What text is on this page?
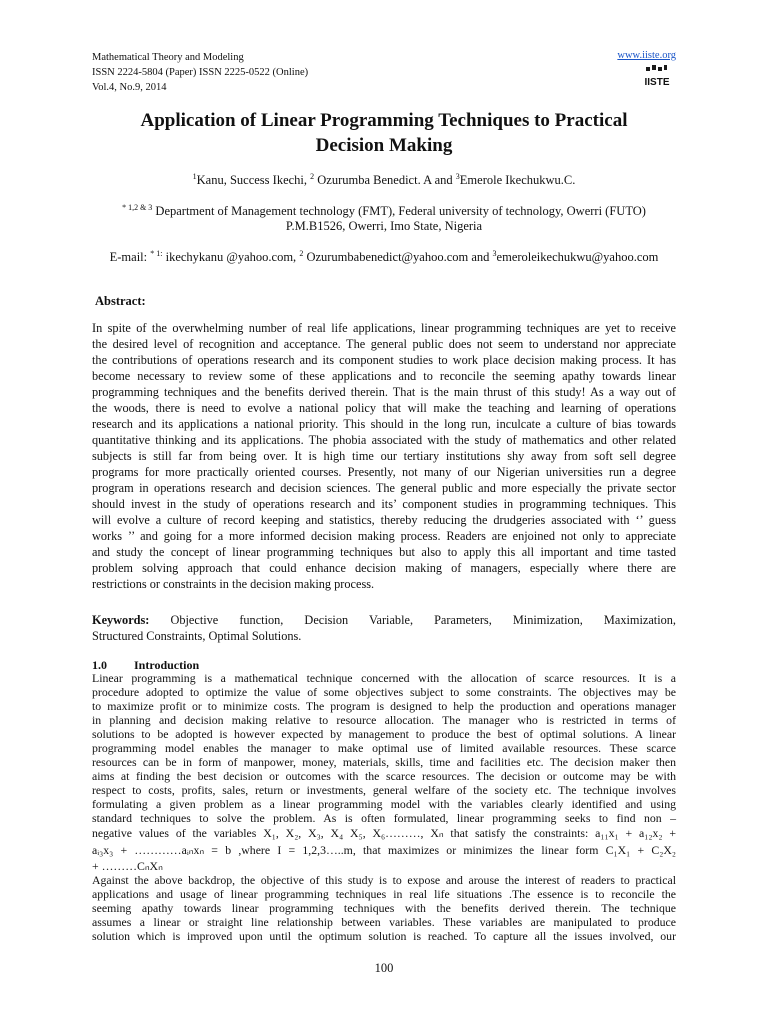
Mathematical Theory and Modeling
ISSN 2224-5804 (Paper) ISSN 2225-0522 (Online)
Vol.4, No.9, 2014
www.iiste.org
IISTE
Application of Linear Programming Techniques to Practical
Decision Making
$^1$Kanu, Success Ikechi, $^2$ Ozurumba Benedict. A and $^3$Emerole Ikechukwu.C.
$^{* 1,2 \& 3}$ Department of Management technology (FMT), Federal university of technology, Owerri (FUTO)
P.M.B1526, Owerri, Imo State, Nigeria
E-mail: $^{* 1:}$ ikechykanu @yahoo.com, $^2$ Ozurumbabenedict@yahoo.com and $^3$emeroleikechukwu@yahoo.com
Abstract:

In spite of the overwhelming number of real life applications, linear programming techniques are yet to receive

the desired level of recognition and acceptance. The general public does not seem to understand nor appreciate

the contributions of operations research and its component studies to work place decision making process. It has

become necessary to review some of these applications and to reconcile the seeming apathy towards linear

programming techniques and the benefits derived therein. That is the main thrust of this study! As a way out of

the woods, there is need to evolve a national policy that will make the teaching and learning of operations

research and its applications a national priority. This should in the long run, inculcate a culture of bias towards

quantitative thinking and its applications. The phobia associated with the study of mathematics and other related

subjects is still far from being over. It is high time our tertiary institutions shy away from soft sell degree

programs for more practically oriented courses. Presently, not many of our Nigerian universities run a degree

program in operations research and decision sciences. The general public and more especially the private sector

should invest in the study of operations research and its’ component studies in programming techniques. This

will evolve a culture of record keeping and statistics, thereby reducing the drudgeries associated with ‘’ guess

works ’’ and going for a more informed decision making process. Readers are enjoined not only to appreciate

and study the concept of linear programming techniques but also to apply this all important and time tasted

problem solving approach that could enhance decision making of managers, especially where there are

restrictions or constraints in the decision making process.

Keywords: Objective function, Decision Variable, Parameters, Minimization, Maximization,

Structured Constraints, Optimal Solutions.

1.0 Introduction

Linear programming is a mathematical technique concerned with the allocation of scarce resources. It is a

procedure adopted to optimize the value of some objectives subject to some constraints. The objectives may be

to maximize profit or to minimize costs. The program is designed to help the production and operations manager

in planning and decision making relative to resource allocation. The manager who is restricted in terms of

solutions to be adopted is however expected by management to produce the best of optimal solutions. A linear

programming model enables the manager to make optimal use of limited available resources. These scarce

resources can be in form of manpower, money, materials, skills, time and facilities etc. The decision maker then

aims at finding the best decision or outcomes with the scarce resources. The decision or outcome may be with

respect to costs, profits, sales, return or investments, general welfare of the society etc. The technique involves

formulating a given problem as a linear programming model with the variables clearly identified and using

standard techniques to solve the problem. As is often formulated, linear programming seeks to find non –

negative values of the variables X₁, X₂, X₃, X₄ X₅, X₆………, Xₙ that satisfy the constraints: a₁₁x₁ + a₁₂x₂ +

aᵢ₃x₃ + …………aᵢₙxₙ = b ,where I = 1,2,3…..m, that maximizes or minimizes the linear form C₁X₁ + C₂X₂

+ ………CₙXₙ

Against the above backdrop, the objective of this study is to expose and arouse the interest of readers to practical

applications and usage of linear programming techniques in real life situations .The essence is to reconcile the

seeming apathy towards linear programming techniques with the benefits derived therein. The technique

assumes a linear or straight line relationship between variables. These variables are manipulated to produce

solution which is improved upon until the optimum solution is reached. To capture all the issues involved, our

100
